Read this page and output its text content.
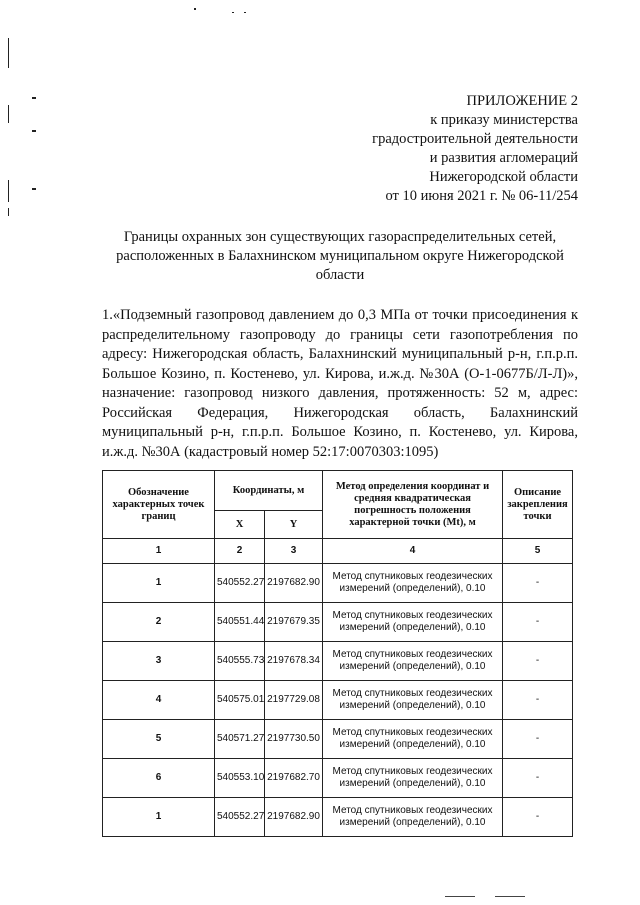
ПРИЛОЖЕНИЕ 2
к приказу министерства
градостроительной деятельности
и развития агломераций
Нижегородской области
от 10 июня 2021 г. № 06-11/254
Границы охранных зон существующих газораспределительных сетей,
расположенных в Балахнинском муниципальном округе Нижегородской
области

1.«Подземный газопровод давлением до 0,3 МПа от точки присоединения к распределительному газопроводу до границы сети газопотребления по адресу: Нижегородская область, Балахнинский муниципальный р-н, г.п.р.п. Большое Козино, п. Костенево, ул. Кирова, и.ж.д. №30А (О-1-0677Б/Л-Л)», назначение: газопровод низкого давления, протяженность: 52 м, адрес: Российская Федерация, Нижегородская область, Балахнинский муниципальный р-н, г.п.р.п. Большое Козино, п. Костенево, ул. Кирова, и.ж.д. №30А (кадастровый номер 52:17:0070303:1095)

Обозначение характерных точек границ	Координаты, м		Метод определения координат и средняя квадратическая погрешность положения характерной точки (Мt), м	Описание закрепления точки
	X	Y		
1	2	3	4	5
1	540552.27	2197682.90	Метод спутниковых геодезических измерений (определений), 0.10	-
2	540551.44	2197679.35	Метод спутниковых геодезических измерений (определений), 0.10	-
3	540555.73	2197678.34	Метод спутниковых геодезических измерений (определений), 0.10	-
4	540575.01	2197729.08	Метод спутниковых геодезических измерений (определений), 0.10	-
5	540571.27	2197730.50	Метод спутниковых геодезических измерений (определений), 0.10	-
6	540553.10	2197682.70	Метод спутниковых геодезических измерений (определений), 0.10	-
1	540552.27	2197682.90	Метод спутниковых геодезических измерений (определений), 0.10	-
